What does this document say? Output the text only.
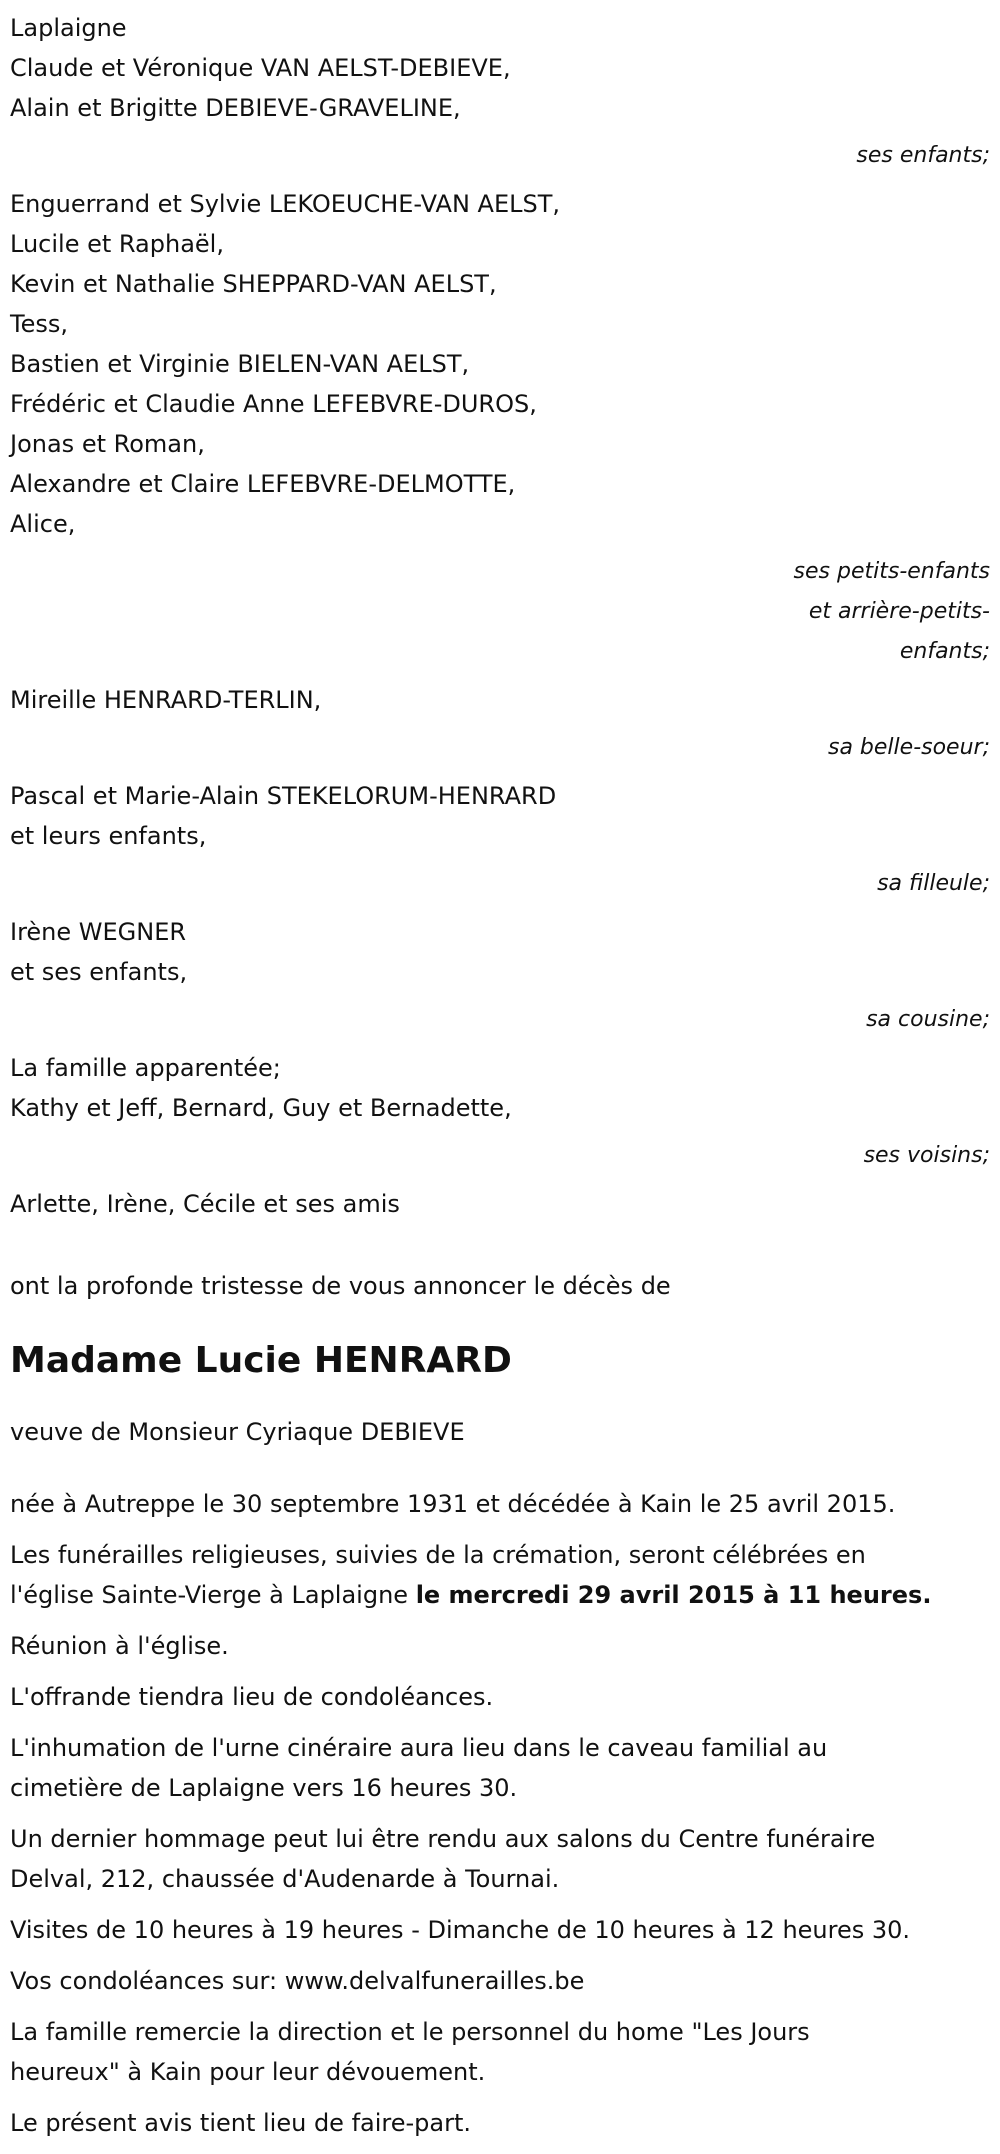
Laplaigne
Claude et Véronique VAN AELST-DEBIEVE,
Alain et Brigitte DEBIEVE-GRAVELINE,
ses enfants;
Enguerrand et Sylvie LEKOEUCHE-VAN AELST,
Lucile et Raphaël,
Kevin et Nathalie SHEPPARD-VAN AELST,
Tess,
Bastien et Virginie BIELEN-VAN AELST,
Frédéric et Claudie Anne LEFEBVRE-DUROS,
Jonas et Roman,
Alexandre et Claire LEFEBVRE-DELMOTTE,
Alice,
ses petits-enfants
et arrière-petits-
enfants;
Mireille HENRARD-TERLIN,
sa belle-soeur;
Pascal et Marie-Alain STEKELORUM-HENRARD
et leurs enfants,
sa filleule;
Irène WEGNER
et ses enfants,
sa cousine;
La famille apparentée;
Kathy et Jeff, Bernard, Guy et Bernadette,
ses voisins;
Arlette, Irène, Cécile et ses amis
ont la profonde tristesse de vous annoncer le décès de
Madame Lucie HENRARD
veuve de Monsieur Cyriaque DEBIEVE
née à Autreppe le 30 septembre 1931 et décédée à Kain le 25 avril 2015.
Les funérailles religieuses, suivies de la crémation, seront célébrées en
l'église Sainte-Vierge à Laplaigne le mercredi 29 avril 2015 à 11 heures.
Réunion à l'église.
L'offrande tiendra lieu de condoléances.
L'inhumation de l'urne cinéraire aura lieu dans le caveau familial au
cimetière de Laplaigne vers 16 heures 30.
Un dernier hommage peut lui être rendu aux salons du Centre funéraire
Delval, 212, chaussée d'Audenarde à Tournai.
Visites de 10 heures à 19 heures - Dimanche de 10 heures à 12 heures 30.
Vos condoléances sur: www.delvalfunerailles.be
La famille remercie la direction et le personnel du home "Les Jours
heureux" à Kain pour leur dévouement.
Le présent avis tient lieu de faire-part.
